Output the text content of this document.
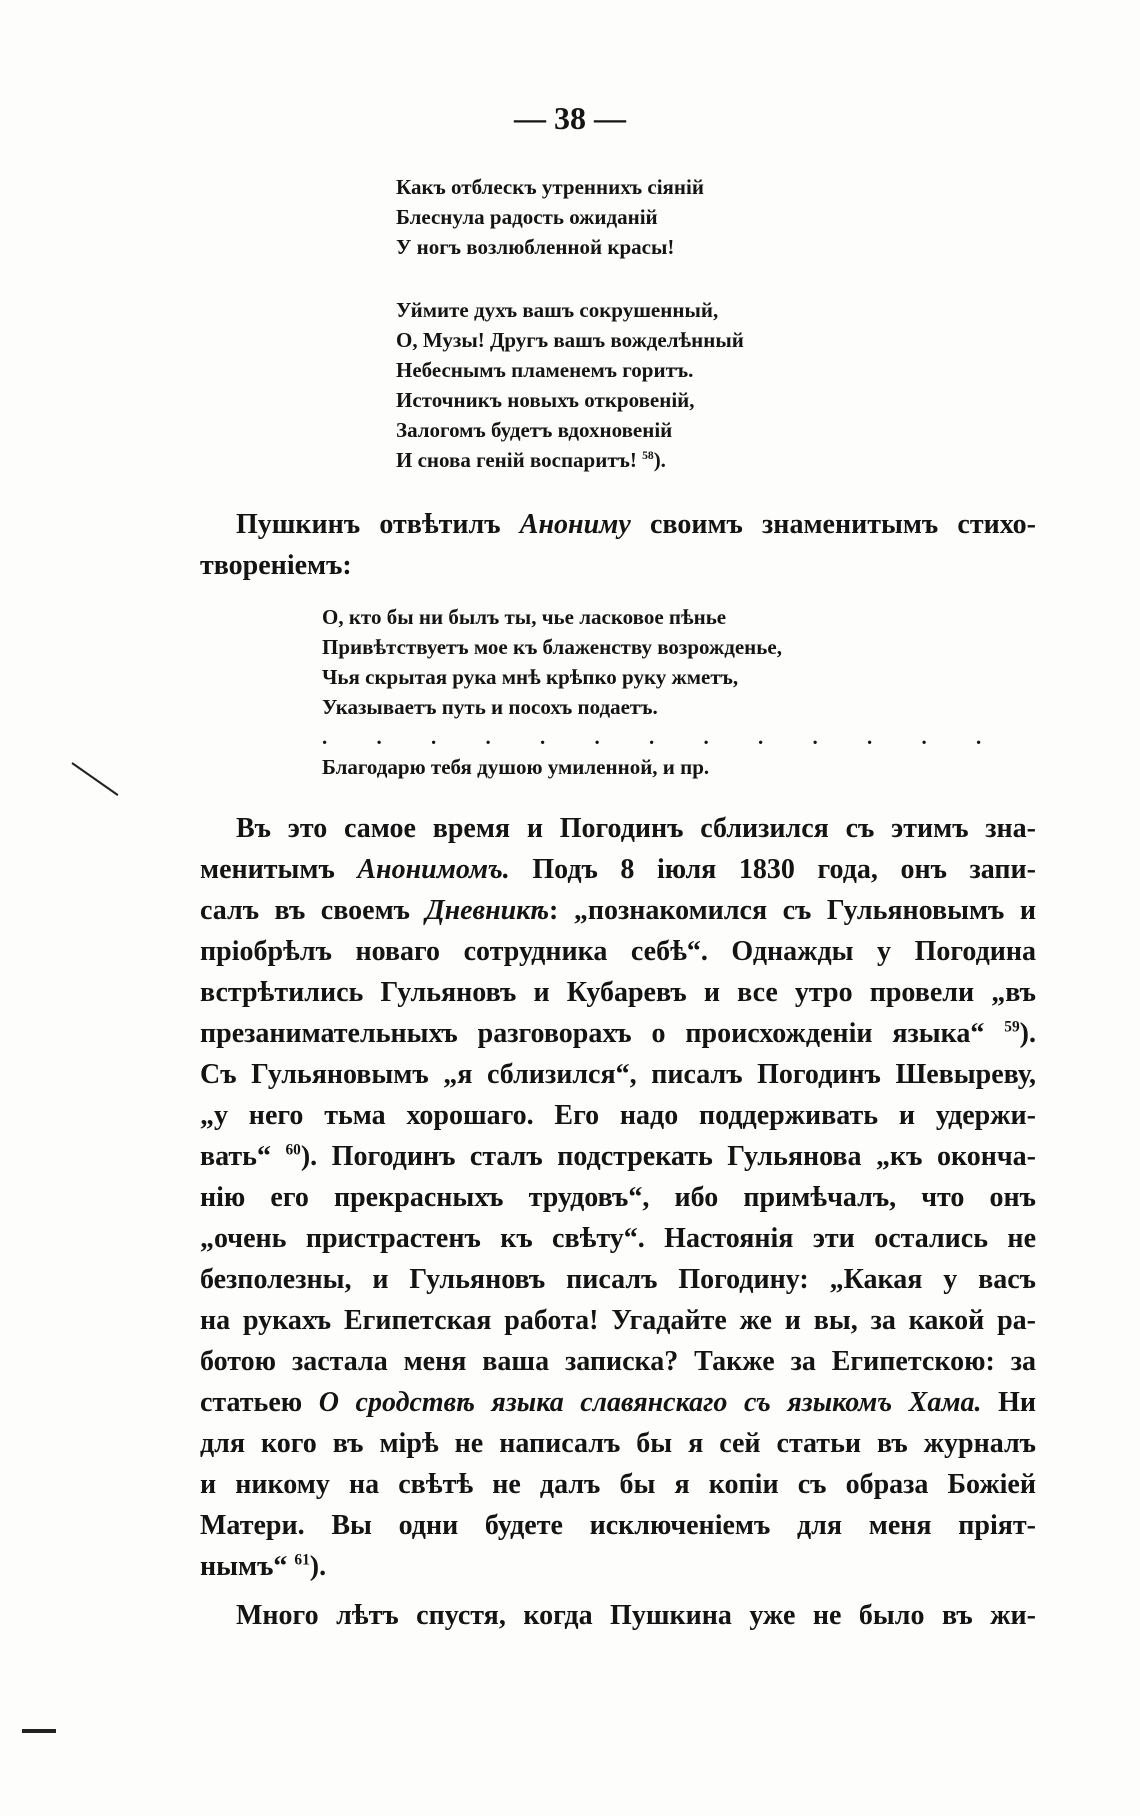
— 38 —
Какъ отблескъ утреннихъ сіяній
Блеснула радость ожиданій
У ногъ возлюбленной красы!
Уймите духъ вашъ сокрушенный,
О, Музы! Другъ вашъ вожделѣнный
Небеснымъ пламенемъ горитъ.
Источникъ новыхъ откровеній,
Залогомъ будетъ вдохновеній
И снова геній воспаритъ! $^{58}$).
Пушкинъ отвѣтилъ Анониму своимъ знаменитымъ стихо-
твореніемъ:
О, кто бы ни былъ ты, чье ласковое пѣнье
Привѣтствуетъ мое къ блаженству возрожденье,
Чья скрытая рука мнѣ крѣпко руку жметъ,
Указываетъ путь и посохъ подаетъ.
. . . . . . . . . . . . .
Благодарю тебя душою умиленной, и пр.
Въ это самое время и Погодинъ сблизился съ этимъ зна-
менитымъ Анонимомъ. Подъ 8 іюля 1830 года, онъ запи-
салъ въ своемъ Дневникѣ: „познакомился съ Гульяновымъ и
пріобрѣлъ новаго сотрудника себѣ“. Однажды у Погодина
встрѣтились Гульяновъ и Кубаревъ и все утро провели „въ
презанимательныхъ разговорахъ о происхожденіи языка“ $^{59}$).
Съ Гульяновымъ „я сблизился“, писалъ Погодинъ Шевыреву,
„у него тьма хорошаго. Его надо поддерживать и удержи-
вать“ $^{60}$). Погодинъ сталъ подстрекать Гульянова „къ оконча-
нію его прекрасныхъ трудовъ“, ибо примѣчалъ, что онъ
„очень пристрастенъ къ свѣту“. Настоянія эти остались не
безполезны, и Гульяновъ писалъ Погодину: „Какая у васъ
на рукахъ Египетская работа! Угадайте же и вы, за какой ра-
ботою застала меня ваша записка? Также за Египетскою: за
статьею О сродствѣ языка славянскаго съ языкомъ Хама. Ни
для кого въ мірѣ не написалъ бы я сей статьи въ журналъ
и никому на свѣтѣ не далъ бы я копіи съ образа Божіей
Матери. Вы одни будете исключеніемъ для меня пріят-
нымъ“ $^{61}$).
Много лѣтъ спустя, когда Пушкина уже не было въ жи-
